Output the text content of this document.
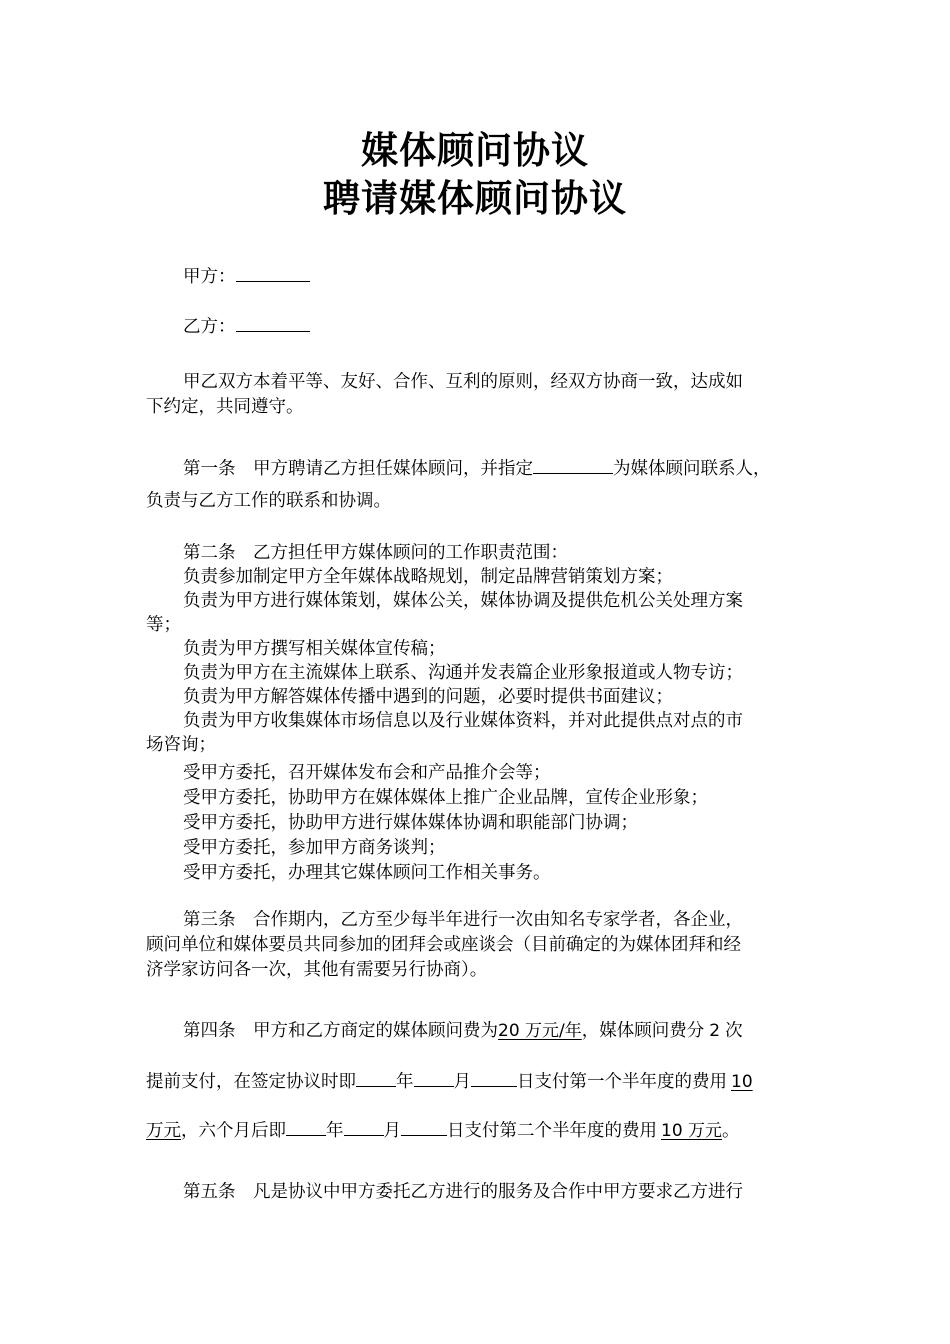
媒体顾问协议
聘请媒体顾问协议
甲方：
乙方：
甲乙双方本着平等、友好、合作、互利的原则，经双方协商一致，达成如
下约定，共同遵守。
第一条　甲方聘请乙方担任媒体顾问，并指定	为媒体顾问联系人，
负责与乙方工作的联系和协调。
第二条　乙方担任甲方媒体顾问的工作职责范围：
负责参加制定甲方全年媒体战略规划，制定品牌营销策划方案；
负责为甲方进行媒体策划，媒体公关，媒体协调及提供危机公关处理方案
等；
负责为甲方撰写相关媒体宣传稿；
负责为甲方在主流媒体上联系、沟通并发表篇企业形象报道或人物专访；
负责为甲方解答媒体传播中遇到的问题，必要时提供书面建议；
负责为甲方收集媒体市场信息以及行业媒体资料，并对此提供点对点的市
场咨询；
受甲方委托，召开媒体发布会和产品推介会等；
受甲方委托，协助甲方在媒体媒体上推广企业品牌，宣传企业形象；
受甲方委托，协助甲方进行媒体媒体协调和职能部门协调；
受甲方委托，参加甲方商务谈判；
受甲方委托，办理其它媒体顾问工作相关事务。
第三条　合作期内，乙方至少每半年进行一次由知名专家学者，各企业，
顾问单位和媒体要员共同参加的团拜会或座谈会（目前确定的为媒体团拜和经
济学家访问各一次，其他有需要另行协商）。
第四条　甲方和乙方商定的媒体顾问费为20 万元/年，媒体顾问费分 2 次
提前支付，在签定协议时即 年 月	日支付第一个半年度的费用 10
万元，六个月后即 年 月	日支付第二个半年度的费用 10 万元。
第五条　凡是协议中甲方委托乙方进行的服务及合作中甲方要求乙方进行
